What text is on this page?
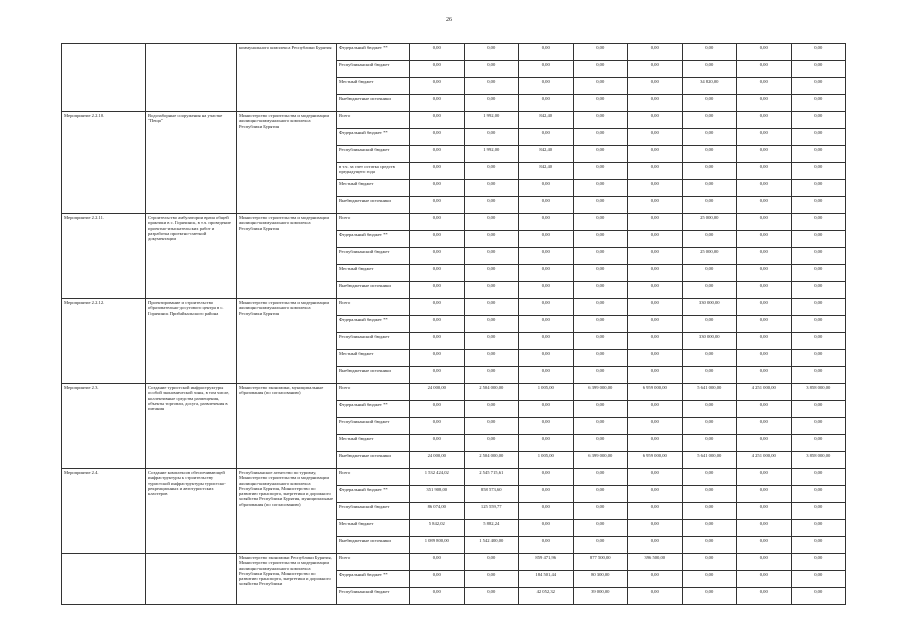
26
		коммунального комплекса Республики Бурятия	Федеральный бюджет **	0,00	0,00	0,00	0,00	0,00	0,00	0,00	0,00
			Республиканский бюджет	0,00	0,00	0,00	0,00	0,00	0,00	0,00	0,00
			Местный бюджет	0,00	0,00	0,00	0,00	0,00	34 820,00	0,00	0,00
			Внебюджетные источники	0,00	0,00	0,00	0,00	0,00	0,00	0,00	0,00
Мероприятие 2.2.10.	Водозаборные сооружения на участке "Пеща"	Министерство строительства и модернизации жилищно-коммунального комплекса Республики Бурятия	Всего	0,00	1 992,00	842,40	0,00	0,00	0,00	0,00	0,00
			Федеральный бюджет **	0,00	0,00	0,00	0,00	0,00	0,00	0,00	0,00
			Республиканский бюджет	0,00	1 992,00	842,40	0,00	0,00	0,00	0,00	0,00
			в т.ч. за счет остатка средств предыдущего года	0,00	0,00	842,40	0,00	0,00	0,00	0,00	0,00
			Местный бюджет	0,00	0,00	0,00	0,00	0,00	0,00	0,00	0,00
			Внебюджетные источники	0,00	0,00	0,00	0,00	0,00	0,00	0,00	0,00
Мероприятие 2.2.11.	Строительство амбулатории врача общей практики в с. Горячинск, в т.ч. проведение проектно-изыскательских работ и разработка проектно-сметной документации	Министерство строительства и модернизации жилищно-коммунального комплекса Республики Бурятия	Всего	0,00	0,00	0,00	0,00	0,00	25 000,00	0,00	0,00
			Федеральный бюджет **	0,00	0,00	0,00	0,00	0,00	0,00	0,00	0,00
			Республиканский бюджет	0,00	0,00	0,00	0,00	0,00	25 000,00	0,00	0,00
			Местный бюджет	0,00	0,00	0,00	0,00	0,00	0,00	0,00	0,00
			Внебюджетные источники	0,00	0,00	0,00	0,00	0,00	0,00	0,00	0,00
Мероприятие 2.2.12.	Проектирование и строительство образовательно-досугового центра в с. Горячинск Прибайкальского района	Министерство строительства и модернизации жилищно-коммунального комплекса Республики Бурятия	Всего	0,00	0,00	0,00	0,00	0,00	330 000,00	0,00	0,00
			Федеральный бюджет **	0,00	0,00	0,00	0,00	0,00	0,00	0,00	0,00
			Республиканский бюджет	0,00	0,00	0,00	0,00	0,00	330 000,00	0,00	0,00
			Местный бюджет	0,00	0,00	0,00	0,00	0,00	0,00	0,00	0,00
			Внебюджетные источники	0,00	0,00	0,00	0,00	0,00	0,00	0,00	0,00
Мероприятие 2.3.	Создание туристской инфраструктуры особой экономической зоны, в том числе, коллективные средства размещения, объекты торговли, досуга, развлечения в питания	Министерство экономики, муниципальные образования (по согласованию)	Всего	24 000,00	2 504 000,00	1 005,00	6 399 000,00	6 959 000,00	5 641 000,00	4 251 000,00	3 858 000,00
			Федеральный бюджет **	0,00	0,00	0,00	0,00	0,00	0,00	0,00	0,00
			Республиканский бюджет	0,00	0,00	0,00	0,00	0,00	0,00	0,00	0,00
			Местный бюджет	0,00	0,00	0,00	0,00	0,00	0,00	0,00	0,00
			Внебюджетные источники	24 000,00	2 504 000,00	1 005,00	6 399 000,00	6 959 000,00	5 641 000,00	4 251 000,00	3 858 000,00
Мероприятие 2.4.	Создание комплексов обеспечивающей инфраструктуры к строительству туристской инфраструктуры туристско-рекреационных и автотуристских кластеров	Республиканское агентство по туризму, Министерство строительства и модернизации жилищно-коммунального комплекса Республики Бурятия, Министерство по развитию транспорта, энергетики и дорожного хозяйства Республики Бурятия, муниципальные образования (по согласованию)	Всего	1 532 424,02	2 545 715,61	0,00	0,00	0,00	0,00	0,00	0,00
			Федеральный бюджет **	351 908,00	858 573,60	0,00	0,00	0,00	0,00	0,00	0,00
			Республиканский бюджет	86 074,00	125 559,77	0,00	0,00	0,00	0,00	0,00	0,00
			Местный бюджет	5 842,02	5 882,24	0,00	0,00	0,00	0,00	0,00	0,00
			Внебюджетные источники	1 089 800,00	1 542 400,00	0,00	0,00	0,00	0,00	0,00	0,00
		Министерство экономики Республики Бурятия, Министерство строительства и модернизации жилищно-коммунального комплекса Республики Бурятия, Министерство по развитию транспорта, энергетики и дорожного хозяйства Республики	Всего	0,00	0,00	859 471,96	877 500,00	396 500,00	0,00	0,00	0,00
			Федеральный бюджет **	0,00	0,00	184 501,44	80 300,00	0,00	0,00	0,00	0,00
			Республиканский бюджет	0,00	0,00	42 052,32	39 000,00	0,00	0,00	0,00	0,00
